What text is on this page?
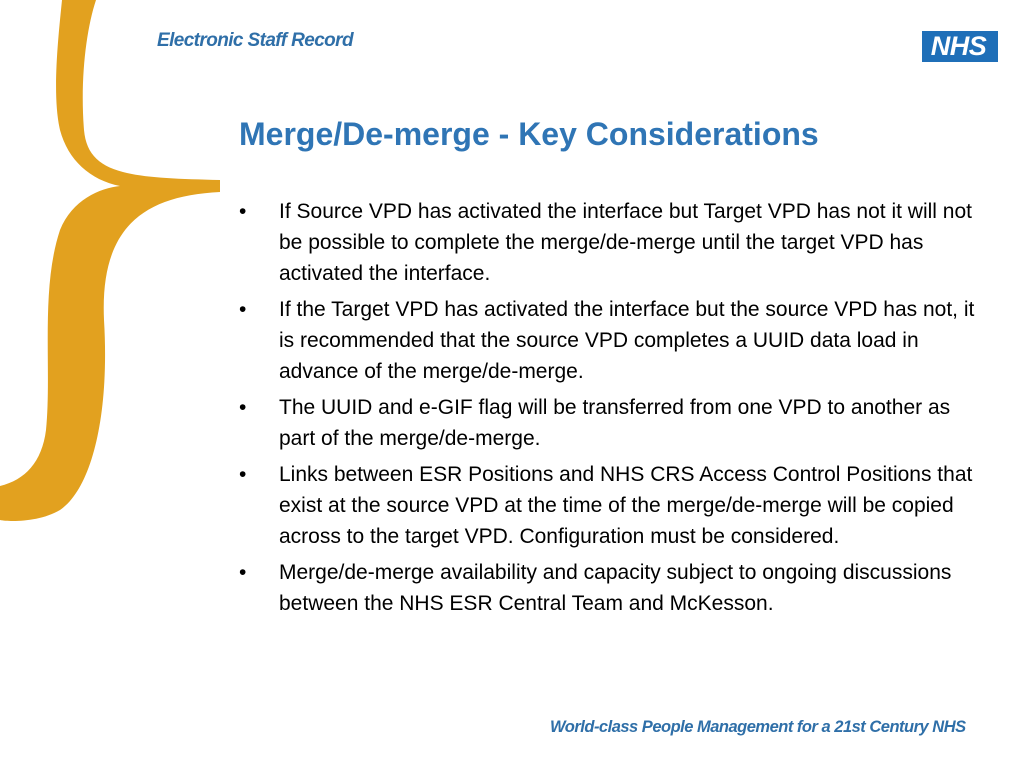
Electronic Staff Record	NHS
Merge/De-merge - Key Considerations
• If Source VPD has activated the interface but Target VPD has not it will not be possible to complete the merge/de-merge until the target VPD has activated the interface.
• If the Target VPD has activated the interface but the source VPD has not, it is recommended that the source VPD completes a UUID data load in advance of the merge/de-merge.
• The UUID and e-GIF flag will be transferred from one VPD to another as part of the merge/de-merge.
• Links between ESR Positions and NHS CRS Access Control Positions that exist at the source VPD at the time of the merge/de-merge will be copied across to the target VPD. Configuration must be considered.
• Merge/de-merge availability and capacity subject to ongoing discussions between the NHS ESR Central Team and McKesson.
World-class People Management for a 21st Century NHS
